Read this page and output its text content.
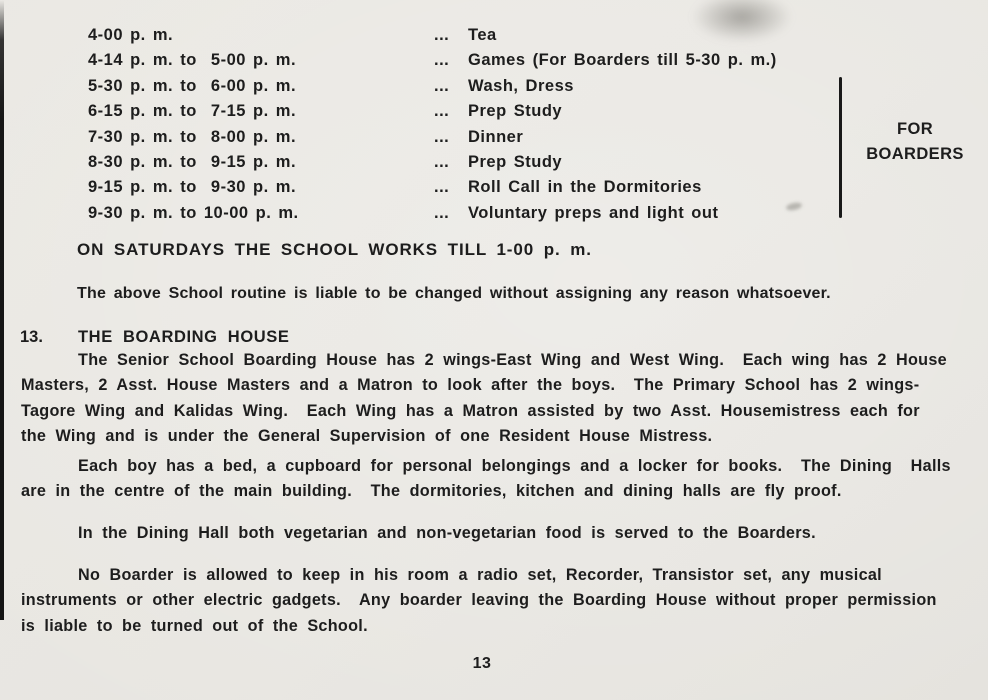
4-00 p. m.	...	Tea
4-14 p. m. to  5-00 p. m.	...	Games (For Boarders till 5-30 p. m.)
5-30 p. m. to  6-00 p. m.	...	Wash, Dress
6-15 p. m. to  7-15 p. m.	...	Prep Study
7-30 p. m. to  8-00 p. m.	...	Dinner
8-30 p. m. to  9-15 p. m.	...	Prep Study
9-15 p. m. to  9-30 p. m.	...	Roll Call in the Dormitories
9-30 p. m. to 10-00 p. m.	...	Voluntary preps and light out
FOR
BOARDERS
ON SATURDAYS THE SCHOOL WORKS TILL 1-00 p. m.
The above School routine is liable to be changed without assigning any reason whatsoever.
13. THE BOARDING HOUSE
The Senior School Boarding House has 2 wings-East Wing and West Wing.  Each wing has 2 House
Masters, 2 Asst. House Masters and a Matron to look after the boys.  The Primary School has 2 wings-
Tagore Wing and Kalidas Wing.  Each Wing has a Matron assisted by two Asst. Housemistress each for
the Wing and is under the General Supervision of one Resident House Mistress.
Each boy has a bed, a cupboard for personal belongings and a locker for books.  The Dining  Halls
are in the centre of the main building.  The dormitories, kitchen and dining halls are fly proof.
In the Dining Hall both vegetarian and non-vegetarian food is served to the Boarders.
No Boarder is allowed to keep in his room a radio set, Recorder, Transistor set, any musical
instruments or other electric gadgets.  Any boarder leaving the Boarding House without proper permission
is liable to be turned out of the School.
13
